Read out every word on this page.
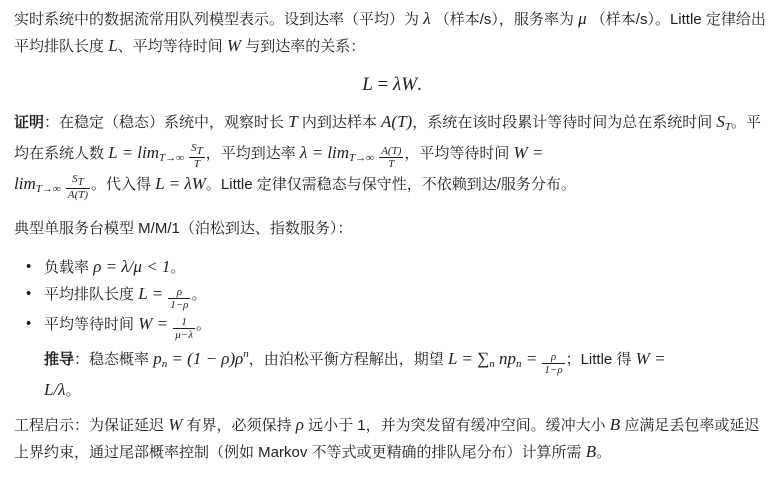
实时系统中的数据流常用队列模型表示。设到达率（平均）为 λ （样本/s），服务率为 μ （样本/s）。Little 定律给出平均排队长度 L、平均等待时间 W 与到达率的关系：

L = λW.

证明：在稳定（稳态）系统中，观察时长 T 内到达样本 A(T)，系统在该时段累计等待时间为总在系统时间 $S_T$。平均在系统人数 $L = \lim_{T\to\infty} \frac{ST}{T}$ ，平均到达率 $\lambda = \lim_{T\to\infty} \frac{A(T)}{T}$ ，平均等待时间 W =
$\lim_{T\to\infty} \frac{ST}{A(T)}$ 。代入得 L = λW。Little 定律仅需稳态与保守性，不依赖到达/服务分布。

典型单服务台模型 M/M/1（泊松到达、指数服务）：

• 负载率 ρ = λ/μ < 1。
• 平均排队长度 $L = \frac{\rho}{1-\rho}$ 。
• 平均等待时间 $W = \frac{1}{\mu-\lambda}$ 。

推导：稳态概率 $p_n = (1 - \rho)\rho^n$，由泊松平衡方程解出，期望 $L = \sum_n$ $np_n = \frac{\rho}{1-\rho}$ ；Little 得 W =
L/λ。

工程启示：为保证延迟 W 有界，必须保持 ρ 远小于 1，并为突发留有缓冲空间。缓冲大小 B 应满足丢包率或延迟上界约束，通过尾部概率控制（例如 Markov 不等式或更精确的排队尾分布）计算所需 B。
